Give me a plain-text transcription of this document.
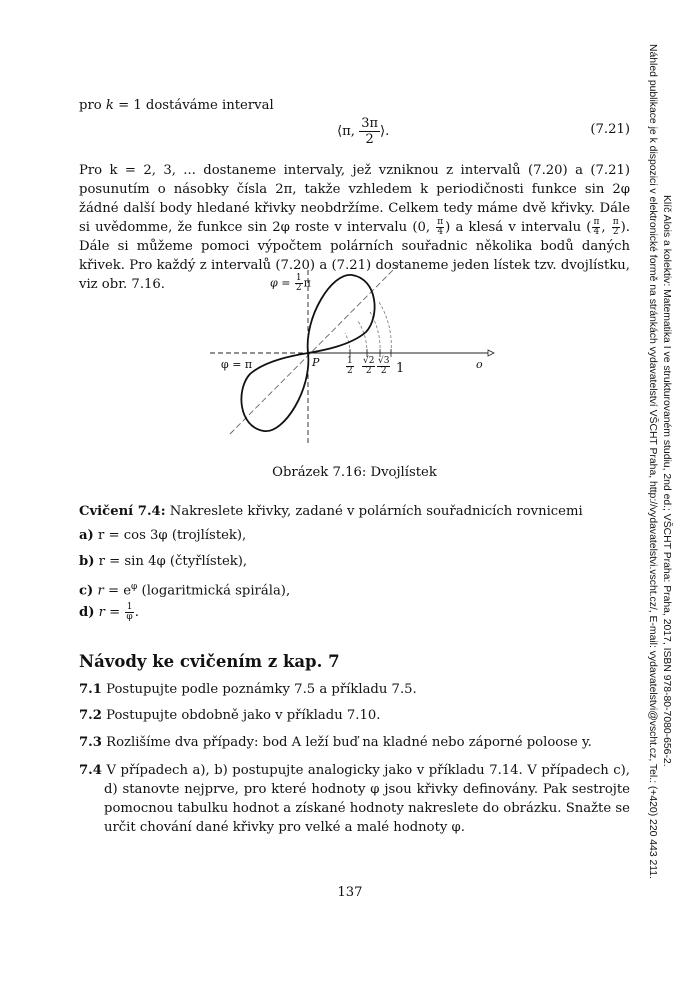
Klíč Alois a kolektiv: Matematika I ve strukturovaném studiu, 2nd ed.; VŠCHT Praha: Praha, 2017, ISBN 978-80-7080-656-2.
Náhled publikace je k dispozici v elektronické formě na stránkách vydavatelství VŠCHT Praha, http://vydavatelstvi.vscht.cz/, E-mail: vydavatelstvi@vscht.cz, Tel.: (+420) 220 443 211.
pro k = 1 dostáváme interval
⟨π, $\frac{3\pi}{2}$ ⟩.	(7.21)
Pro k = 2, 3, ... dostaneme intervaly, jež vzniknou z intervalů (7.20) a (7.21) posunutím o násobky čísla 2π, takže vzhledem k periodičnosti funkce sin 2φ žádné další body hledané křivky neobdržíme. Celkem tedy máme dvě křivky. Dále si uvědomme, že funkce sin 2φ roste v intervalu (0, $\frac{\pi}{4}$ ) a klesá v intervalu ( $\frac{\pi}{4}$ , $\frac{\pi}{2}$ ). Dále si můžeme pomoci výpočtem polárních souřadnic několika bodů daných křivek. Pro každý z intervalů (7.20) a (7.21) dostaneme jeden lístek tzv. dvojlístku, viz obr. 7.16.	$\varphi = \frac{1}{2}$ π
φ = π	P	o
$\frac{1}{2} \frac{√2}{2} \frac{√3}{2} 1$
Obrázek 7.16: Dvojlístek
Cvičení 7.4: Nakreslete křivky, zadané v polárních souřadnicích rovnicemi
a) r = cos 3φ (trojlístek),
b) r = sin 4φ (čtyřlístek),
c) $r = e^\varphi$ (logaritmická spirála),
d) $r = \frac{1}{\varphi}$ .
Návody ke cvičením z kap. 7
7.1 Postupujte podle poznámky 7.5 a příkladu 7.5.
7.2 Postupujte obdobně jako v příkladu 7.10.
7.3 Rozlišíme dva případy: bod A leží buď na kladné nebo záporné poloose y.
7.4 V případech a), b) postupujte analogicky jako v příkladu 7.14. V případech c), d) stanovte nejprve, pro které hodnoty φ jsou křivky definovány. Pak sestrojte pomocnou tabulku hodnot a získané hodnoty nakreslete do obrázku. Snažte se určit chování dané křivky pro velké a malé hodnoty φ.
137
